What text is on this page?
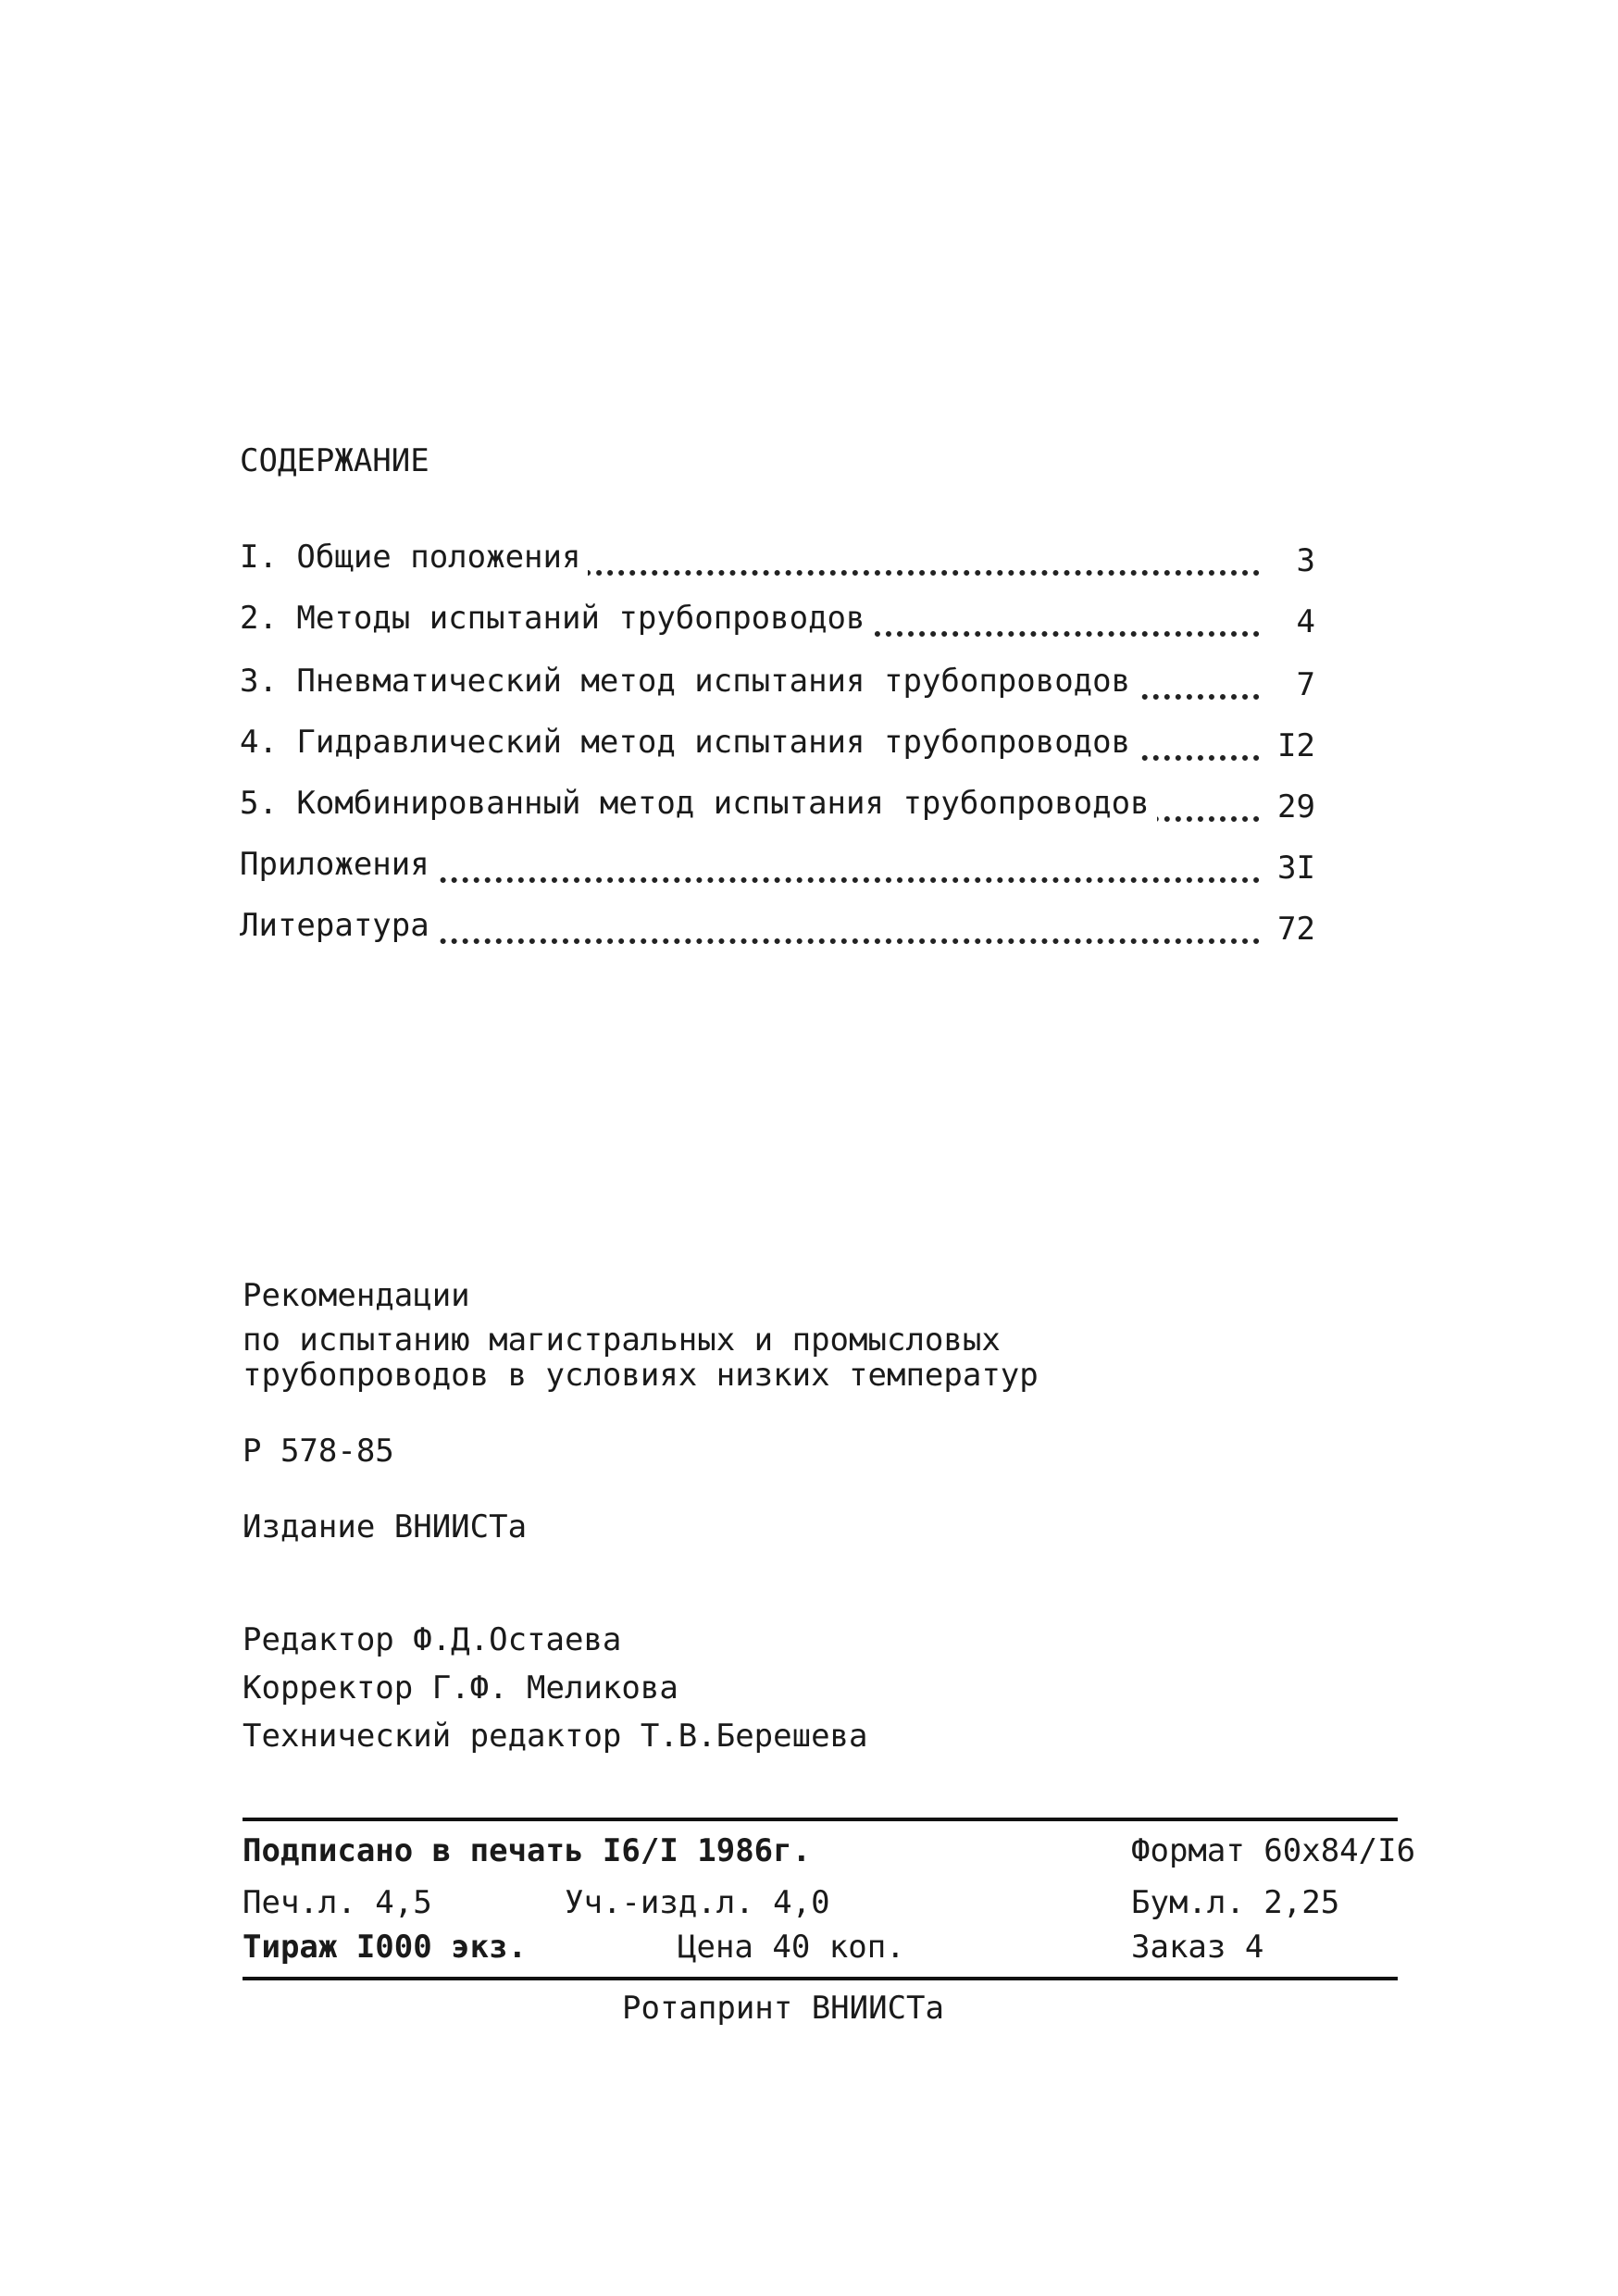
СОДЕРЖАНИЕ
I. Общие положения	3
2. Методы испытаний трубопроводов	4
3. Пневматический метод испытания трубопроводов	7
4. Гидравлический метод испытания трубопроводов	I2
5. Комбинированный метод испытания трубопроводов	29
Приложения	3I
Литература	72
Рекомендации
по испытанию магистральных и промысловых
трубопроводов в условиях низких температур
Р 578-85
Издание ВНИИСТа
Редактор Ф.Д.Остаева
Корректор Г.Ф. Меликова
Технический редактор Т.В.Берешева
Подписано в печать I6/I 1986г.	Формат 60х84/I6
Печ.л. 4,5	Уч.-изд.л. 4,0	Бум.л. 2,25
Тираж I000 экз.	Цена 40 коп.	Заказ 4
Ротапринт ВНИИСТа
